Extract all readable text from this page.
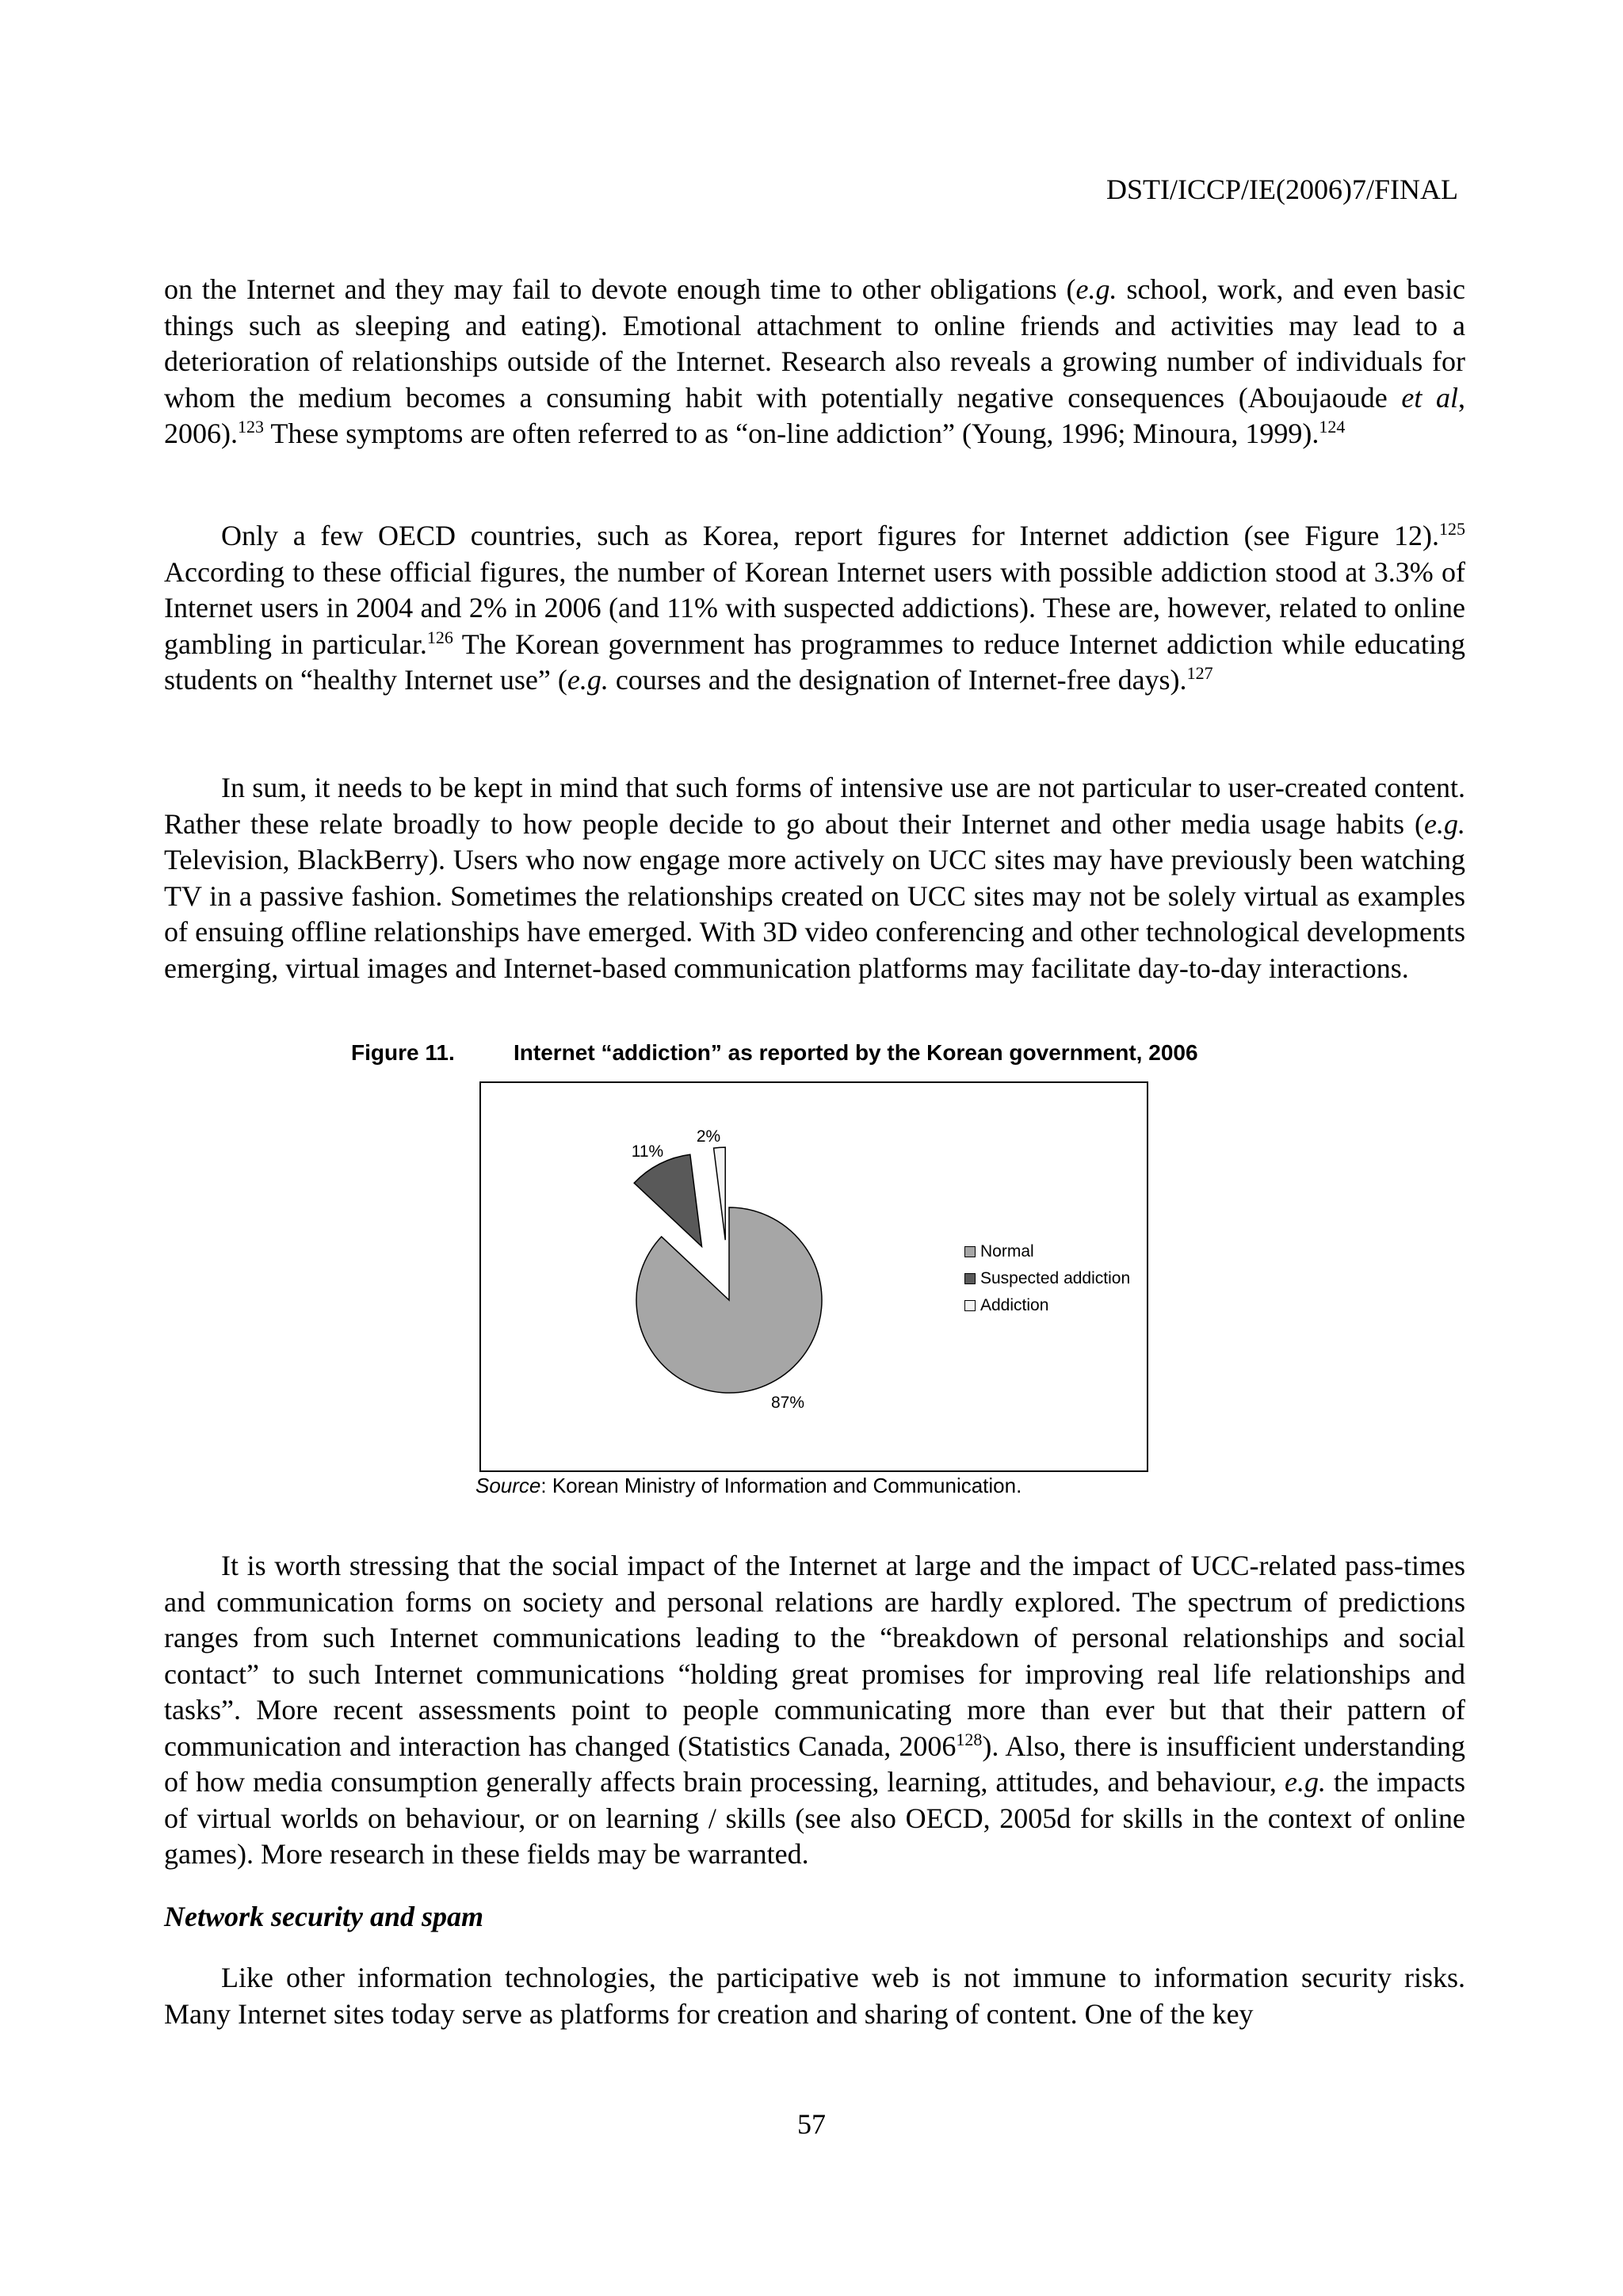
DSTI/ICCP/IE(2006)7/FINAL
on the Internet and they may fail to devote enough time to other obligations (e.g. school, work, and even basic things such as sleeping and eating). Emotional attachment to online friends and activities may lead to a deterioration of relationships outside of the Internet. Research also reveals a growing number of individuals for whom the medium becomes a consuming habit with potentially negative consequences (Aboujaoude et al, 2006).$^{123}$ These symptoms are often referred to as “on-line addiction” (Young, 1996; Minoura, 1999).$^{124}$
Only a few OECD countries, such as Korea, report figures for Internet addiction (see Figure 12).$^{125}$ According to these official figures, the number of Korean Internet users with possible addiction stood at 3.3% of Internet users in 2004 and 2% in 2006 (and 11% with suspected addictions). These are, however, related to online gambling in particular.$^{126}$ The Korean government has programmes to reduce Internet addiction while educating students on “healthy Internet use” (e.g. courses and the designation of Internet-free days).$^{127}$
In sum, it needs to be kept in mind that such forms of intensive use are not particular to user-created content. Rather these relate broadly to how people decide to go about their Internet and other media usage habits (e.g. Television, BlackBerry). Users who now engage more actively on UCC sites may have previously been watching TV in a passive fashion. Sometimes the relationships created on UCC sites may not be solely virtual as examples of ensuing offline relationships have emerged. With 3D video conferencing and other technological developments emerging, virtual images and Internet-based communication platforms may facilitate day-to-day interactions.
Figure 11.	Internet “addiction” as reported by the Korean government, 2006
87%
11%
2%
Normal
Suspected addiction
Addiction
Source: Korean Ministry of Information and Communication.
It is worth stressing that the social impact of the Internet at large and the impact of UCC-related pass-times and communication forms on society and personal relations are hardly explored. The spectrum of predictions ranges from such Internet communications leading to the “breakdown of personal relationships and social contact” to such Internet communications “holding great promises for improving real life relationships and tasks”. More recent assessments point to people communicating more than ever but that their pattern of communication and interaction has changed (Statistics Canada, 2006$^{128}$). Also, there is insufficient understanding of how media consumption generally affects brain processing, learning, attitudes, and behaviour, e.g. the impacts of virtual worlds on behaviour, or on learning / skills (see also OECD, 2005d for skills in the context of online games). More research in these fields may be warranted.
Network security and spam
Like other information technologies, the participative web is not immune to information security risks. Many Internet sites today serve as platforms for creation and sharing of content. One of the key
57
